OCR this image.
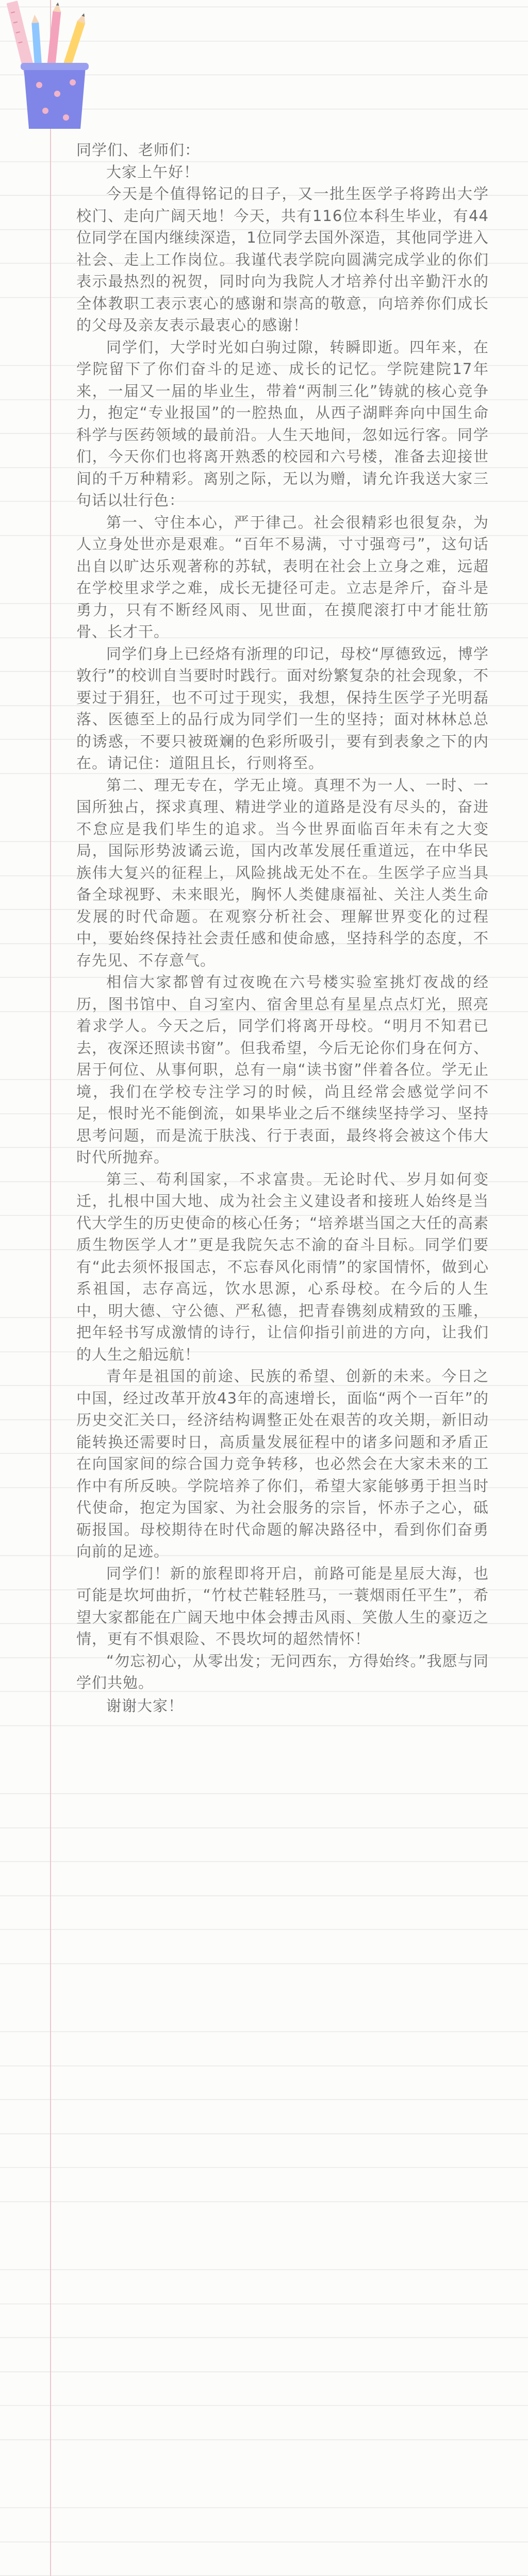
同学们、老师们：

大家上午好！

今天是个值得铭记的日子，又一批生医学子将跨出大学校门、走向广阔天地！今天，共有116位本科生毕业，有44位同学在国内继续深造，1位同学去国外深造，其他同学进入社会、走上工作岗位。我谨代表学院向圆满完成学业的你们表示最热烈的祝贺，同时向为我院人才培养付出辛勤汗水的全体教职工表示衷心的感谢和崇高的敬意，向培养你们成长的父母及亲友表示最衷心的感谢！

同学们，大学时光如白驹过隙，转瞬即逝。四年来，在学院留下了你们奋斗的足迹、成长的记忆。学院建院17年来，一届又一届的毕业生，带着“两制三化”铸就的核心竞争力，抱定“专业报国”的一腔热血，从西子湖畔奔向中国生命科学与医药领域的最前沿。人生天地间，忽如远行客。同学们，今天你们也将离开熟悉的校园和六号楼，准备去迎接世间的千万种精彩。离别之际，无以为赠，请允许我送大家三句话以壮行色：

第一、守住本心，严于律己。社会很精彩也很复杂，为人立身处世亦是艰难。“百年不易满，寸寸强弯弓”，这句话出自以旷达乐观著称的苏轼，表明在社会上立身之难，远超在学校里求学之难，成长无捷径可走。立志是斧斤，奋斗是勇力，只有不断经风雨、见世面，在摸爬滚打中才能壮筋骨、长才干。

同学们身上已经烙有浙理的印记，母校“厚德致远，博学敦行”的校训自当要时时践行。面对纷繁复杂的社会现象，不要过于狷狂，也不可过于现实，我想，保持生医学子光明磊落、医德至上的品行成为同学们一生的坚持；面对林林总总的诱惑，不要只被斑斓的色彩所吸引，要有到表象之下的内在。请记住：道阻且长，行则将至。

第二、理无专在，学无止境。真理不为一人、一时、一国所独占，探求真理、精进学业的道路是没有尽头的，奋进不怠应是我们毕生的追求。当今世界面临百年未有之大变局，国际形势波谲云诡，国内改革发展任重道远，在中华民族伟大复兴的征程上，风险挑战无处不在。生医学子应当具备全球视野、未来眼光，胸怀人类健康福祉、关注人类生命发展的时代命题。在观察分析社会、理解世界变化的过程中，要始终保持社会责任感和使命感，坚持科学的态度，不存先见、不存意气。

相信大家都曾有过夜晚在六号楼实验室挑灯夜战的经历，图书馆中、自习室内、宿舍里总有星星点点灯光，照亮着求学人。今天之后，同学们将离开母校。“明月不知君已去，夜深还照读书窗”。但我希望，今后无论你们身在何方、居于何位、从事何职，总有一扇“读书窗”伴着各位。学无止境，我们在学校专注学习的时候，尚且经常会感觉学问不足，恨时光不能倒流，如果毕业之后不继续坚持学习、坚持思考问题，而是流于肤浅、行于表面，最终将会被这个伟大时代所抛弃。

第三、苟利国家，不求富贵。无论时代、岁月如何变迁，扎根中国大地、成为社会主义建设者和接班人始终是当代大学生的历史使命的核心任务；“培养堪当国之大任的高素质生物医学人才”更是我院矢志不渝的奋斗目标。同学们要有“此去须怀报国志，不忘春风化雨情”的家国情怀，做到心系祖国，志存高远，饮水思源，心系母校。在今后的人生中，明大德、守公德、严私德，把青春镌刻成精致的玉雕，把年轻书写成激情的诗行，让信仰指引前进的方向，让我们的人生之船远航！

青年是祖国的前途、民族的希望、创新的未来。今日之中国，经过改革开放43年的高速增长，面临“两个一百年”的历史交汇关口，经济结构调整正处在艰苦的攻关期，新旧动能转换还需要时日，高质量发展征程中的诸多问题和矛盾正在向国家间的综合国力竞争转移，也必然会在大家未来的工作中有所反映。学院培养了你们，希望大家能够勇于担当时代使命，抱定为国家、为社会服务的宗旨，怀赤子之心，砥砺报国。母校期待在时代命题的解决路径中，看到你们奋勇向前的足迹。

同学们！新的旅程即将开启，前路可能是星辰大海，也可能是坎坷曲折，“竹杖芒鞋轻胜马，一蓑烟雨任平生”，希望大家都能在广阔天地中体会搏击风雨、笑傲人生的豪迈之情，更有不惧艰险、不畏坎坷的超然情怀！

“勿忘初心，从零出发；无问西东，方得始终。”我愿与同学们共勉。

谢谢大家！
